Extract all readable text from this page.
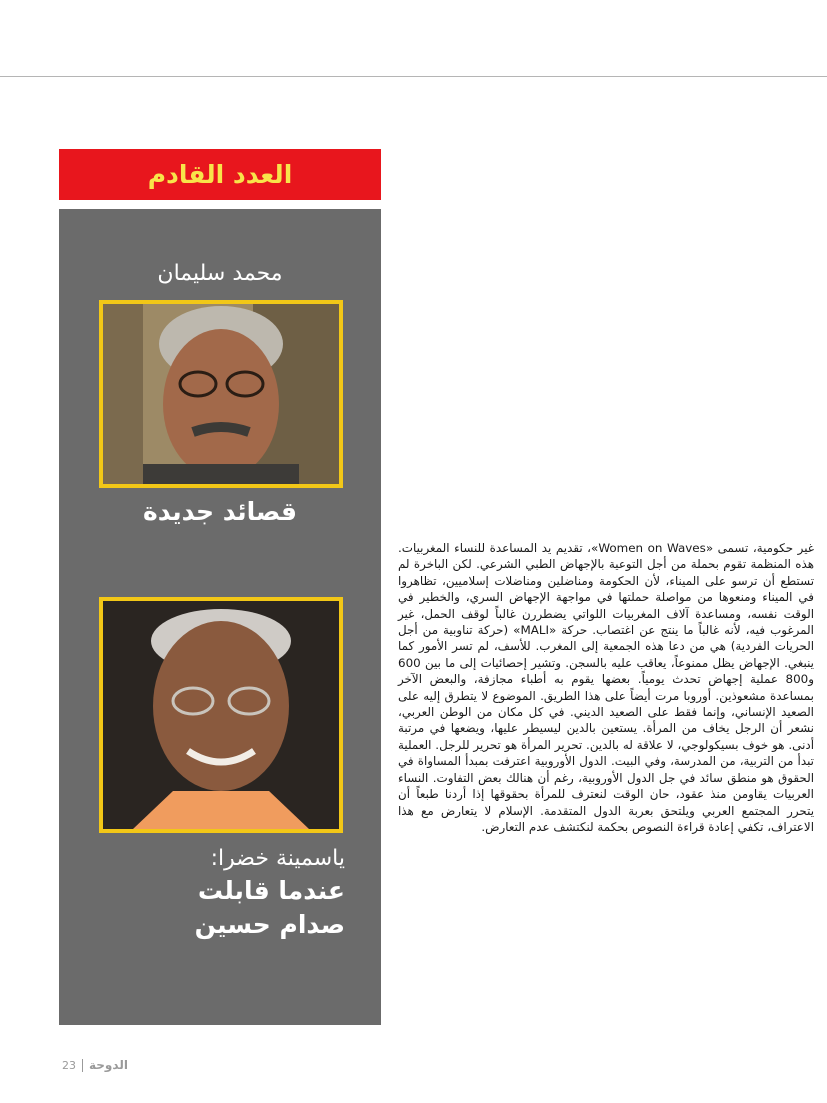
العدد القادم
محمد سليمان
قصائد جديدة
ياسمينة خضرا:
عندما قابلت
صدام حسين
غير حكومية، تسمى «Women on Waves»، تقديم يد المساعدة للنساء المغربيات. هذه المنظمة تقوم بحملة من أجل التوعية بالإجهاض الطبي الشرعي. لكن الباخرة لم تستطع أن ترسو على الميناء، لأن الحكومة ومناضلين ومناضلات إسلاميين، تظاهروا في الميناء ومنعوها من مواصلة حملتها في مواجهة الإجهاض السري، والخطير في الوقت نفسه، ومساعدة آلاف المغربيات اللواتي يضطررن غالباً لوقف الحمل، غير المرغوب فيه، لأنه غالباً ما ينتج عن اغتصاب. حركة «MALI» (حركة تناوبية من أجل الحريات الفردية) هي من دعا هذه الجمعية إلى المغرب. للأسف، لم تسر الأمور كما ينبغي. الإجهاض يظل ممنوعاً، يعاقب عليه بالسجن. وتشير إحصائيات إلى ما بين 600 و800 عملية إجهاض تحدث يومياً. بعضها يقوم به أطباء مجازفة، والبعض الآخر بمساعدة مشعوذين. أوروبا مرت أيضاً على هذا الطريق. الموضوع لا يتطرق إليه على الصعيد الإنساني، وإنما فقط على الصعيد الديني. في كل مكان من الوطن العربي، نشعر أن الرجل يخاف من المرأة. يستعين بالدين ليسيطر عليها، ويضعها في مرتبة أدنى. هو خوف بسيكولوجي، لا علاقة له بالدين. تحرير المرأة هو تحرير للرجل. العملية تبدأ من التربية، من المدرسة، وفي البيت. الدول الأوروبية اعترفت بمبدأ المساواة في الحقوق هو منطق سائد في جل الدول الأوروبية، رغم أن هنالك بعض التفاوت. النساء العربيات يقاومن منذ عقود، حان الوقت لنعترف للمرأة بحقوقها إذا أردنا طبعاً أن يتحرر المجتمع العربي ويلتحق بعربة الدول المتقدمة. الإسلام لا يتعارض مع هذا الاعتراف، تكفي إعادة قراءة النصوص بحكمة لنكتشف عدم التعارض.
23 الدوحة
